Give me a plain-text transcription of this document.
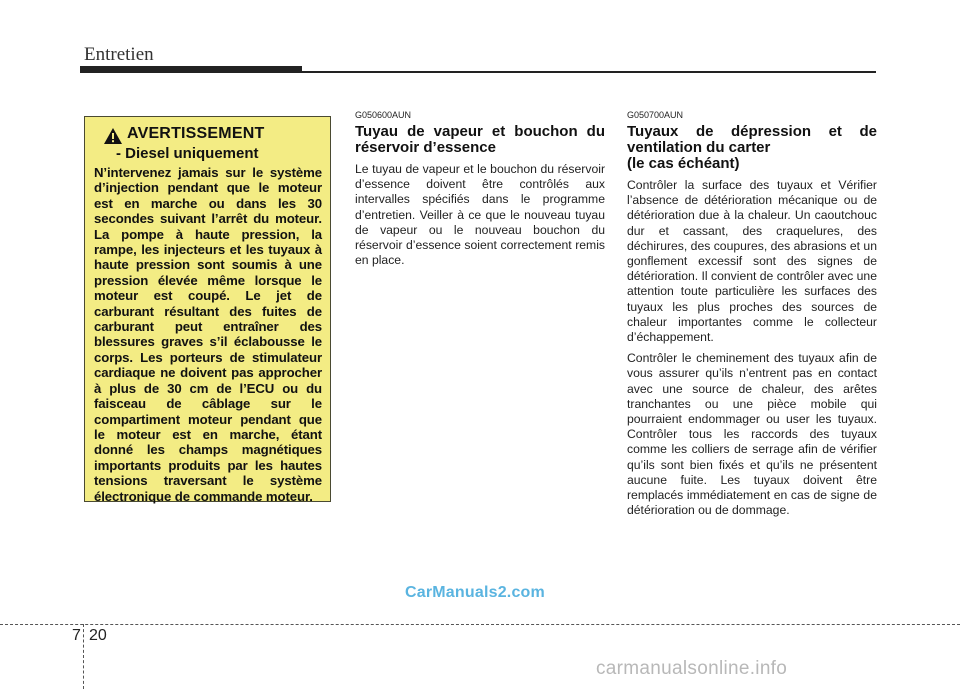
Entretien
AVERTISSEMENT
- Diesel uniquement

N’intervenez jamais sur le système d’injection pendant que le moteur est en marche ou dans les 30 secondes suivant l’arrêt du moteur. La pompe à haute pression, la rampe, les injecteurs et les tuyaux à haute pression sont soumis à une pression élevée même lorsque le moteur est coupé. Le jet de carburant résultant des fuites de carburant peut entraîner des blessures graves s’il éclabousse le corps. Les porteurs de stimulateur cardiaque ne doivent pas approcher à plus de 30 cm de l’ECU ou du faisceau de câblage sur le compartiment moteur pendant que le moteur est en marche, étant donné les champs magnétiques importants produits par les hautes tensions traversant le système électronique de commande moteur.

G050600AUN
Tuyau de vapeur et bouchon du réservoir d’essence

Le tuyau de vapeur et le bouchon du réservoir d’essence doivent être contrôlés aux intervalles spécifiés dans le programme d’entretien. Veiller à ce que le nouveau tuyau de vapeur ou le nouveau bouchon du réservoir d’essence soient correctement remis en place.

G050700AUN
Tuyaux de dépression et de ventilation du carter
(le cas échéant)

Contrôler la surface des tuyaux et Vérifier l’absence de détérioration mécanique ou de détérioration due à la chaleur. Un caoutchouc dur et cassant, des craquelures, des déchirures, des coupures, des abrasions et un gonflement excessif sont des signes de détérioration. Il convient de contrôler avec une attention toute particulière les surfaces des tuyaux les plus proches des sources de chaleur importantes comme le collecteur d’échappement.

Contrôler le cheminement des tuyaux afin de vous assurer qu’ils n’entrent pas en contact avec une source de chaleur, des arêtes tranchantes ou une pièce mobile qui pourraient endommager ou user les tuyaux. Contrôler tous les raccords des tuyaux comme les colliers de serrage afin de vérifier qu’ils sont bien fixés et qu’ils ne présentent aucune fuite. Les tuyaux doivent être remplacés immédiatement en cas de signe de détérioration ou de dommage.

CarManuals2.com
7 20
carmanualsonline.info
